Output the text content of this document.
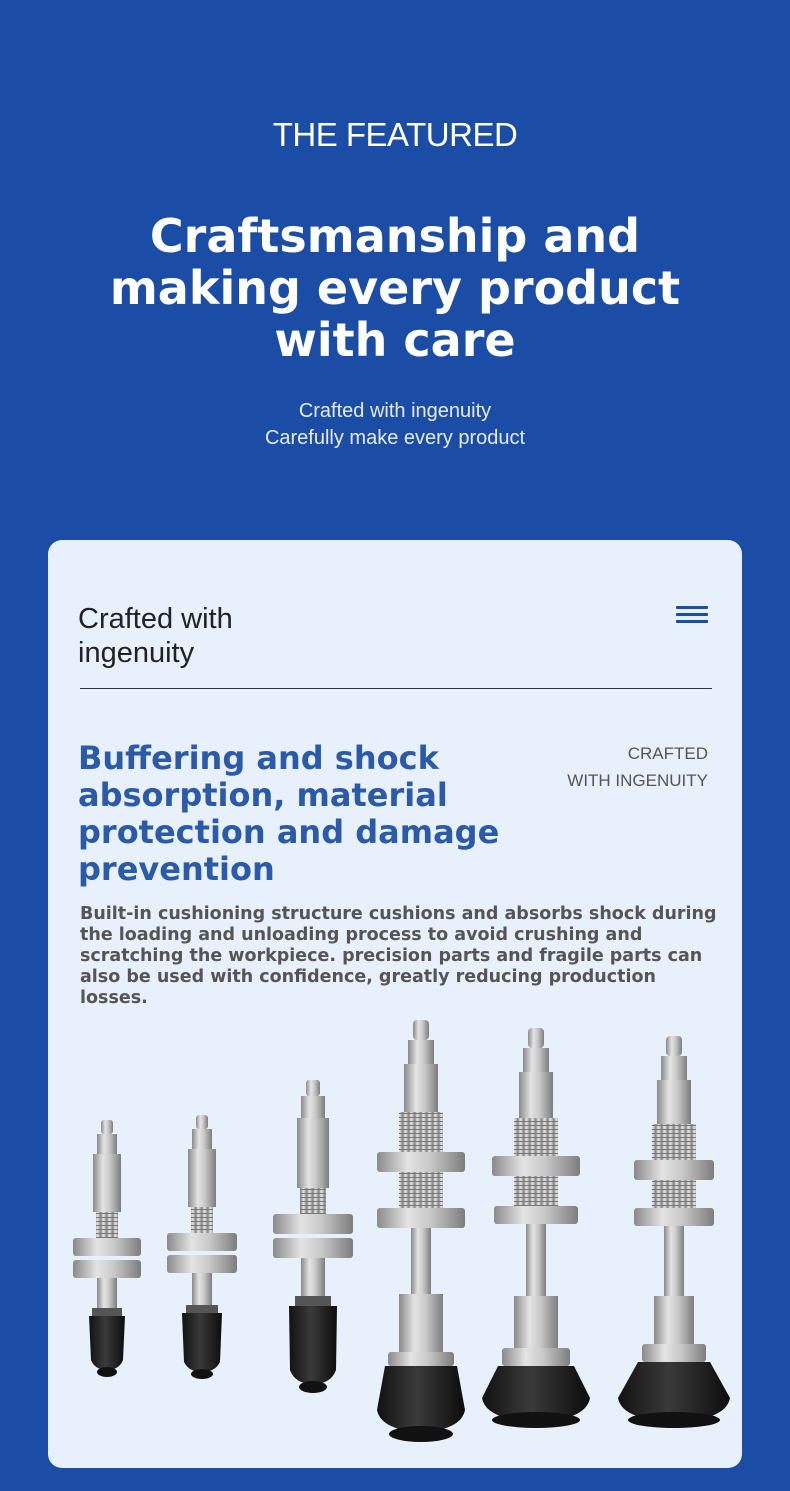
THE FEATURED
Craftsmanship and making every product with care
Crafted with ingenuity
Carefully make every product
Crafted with ingenuity
Buffering and shock absorption, material protection and damage prevention
CRAFTED
WITH INGENUITY

Built-in cushioning structure cushions and absorbs shock during the loading and unloading process to avoid crushing and scratching the workpiece. precision parts and fragile parts can also be used with confidence, greatly reducing production losses.
